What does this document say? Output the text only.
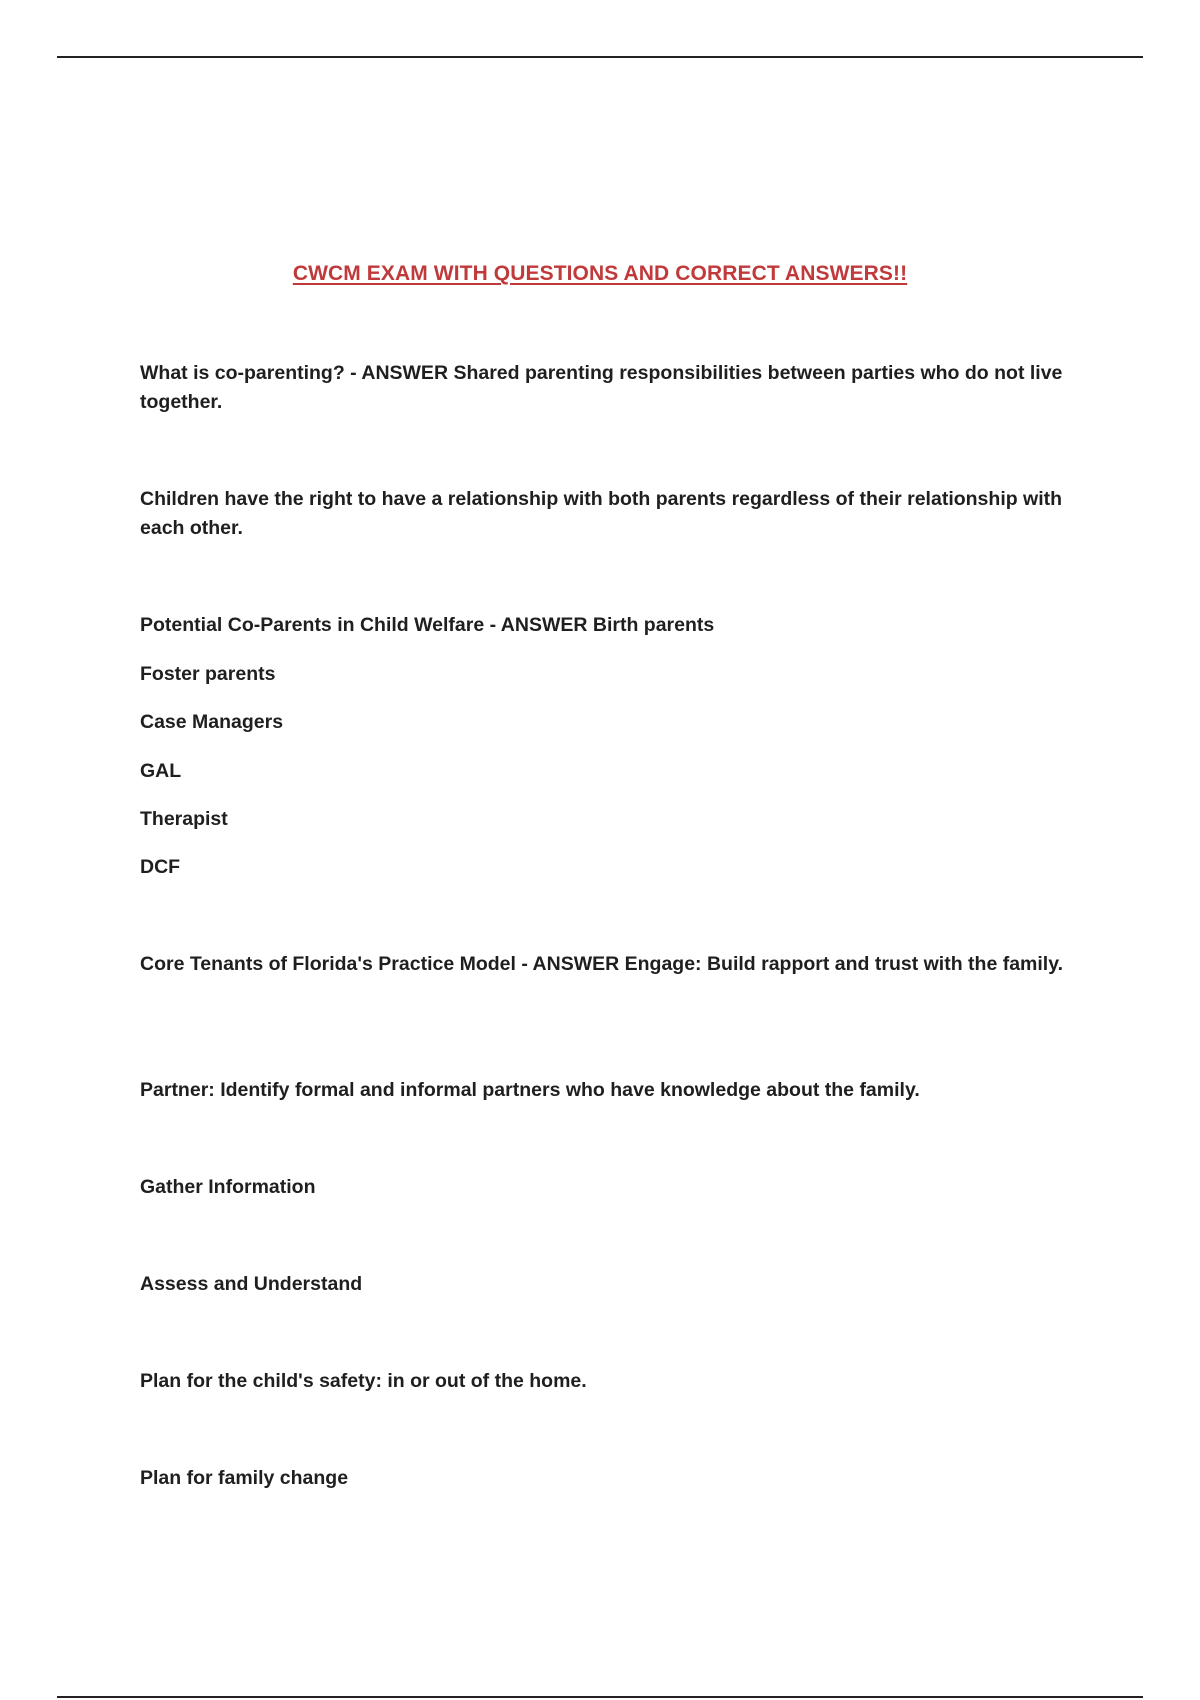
CWCM EXAM WITH QUESTIONS AND CORRECT ANSWERS!!
What is co-parenting? - ANSWER Shared parenting responsibilities between parties who do not live together.
Children have the right to have a relationship with both parents regardless of their relationship with each other.
Potential Co-Parents in Child Welfare - ANSWER Birth parents
Foster parents
Case Managers
GAL
Therapist
DCF
Core Tenants of Florida's Practice Model - ANSWER Engage: Build rapport and trust with the family.
Partner: Identify formal and informal partners who have knowledge about the family.
Gather Information
Assess and Understand
Plan for the child's safety: in or out of the home.
Plan for family change
